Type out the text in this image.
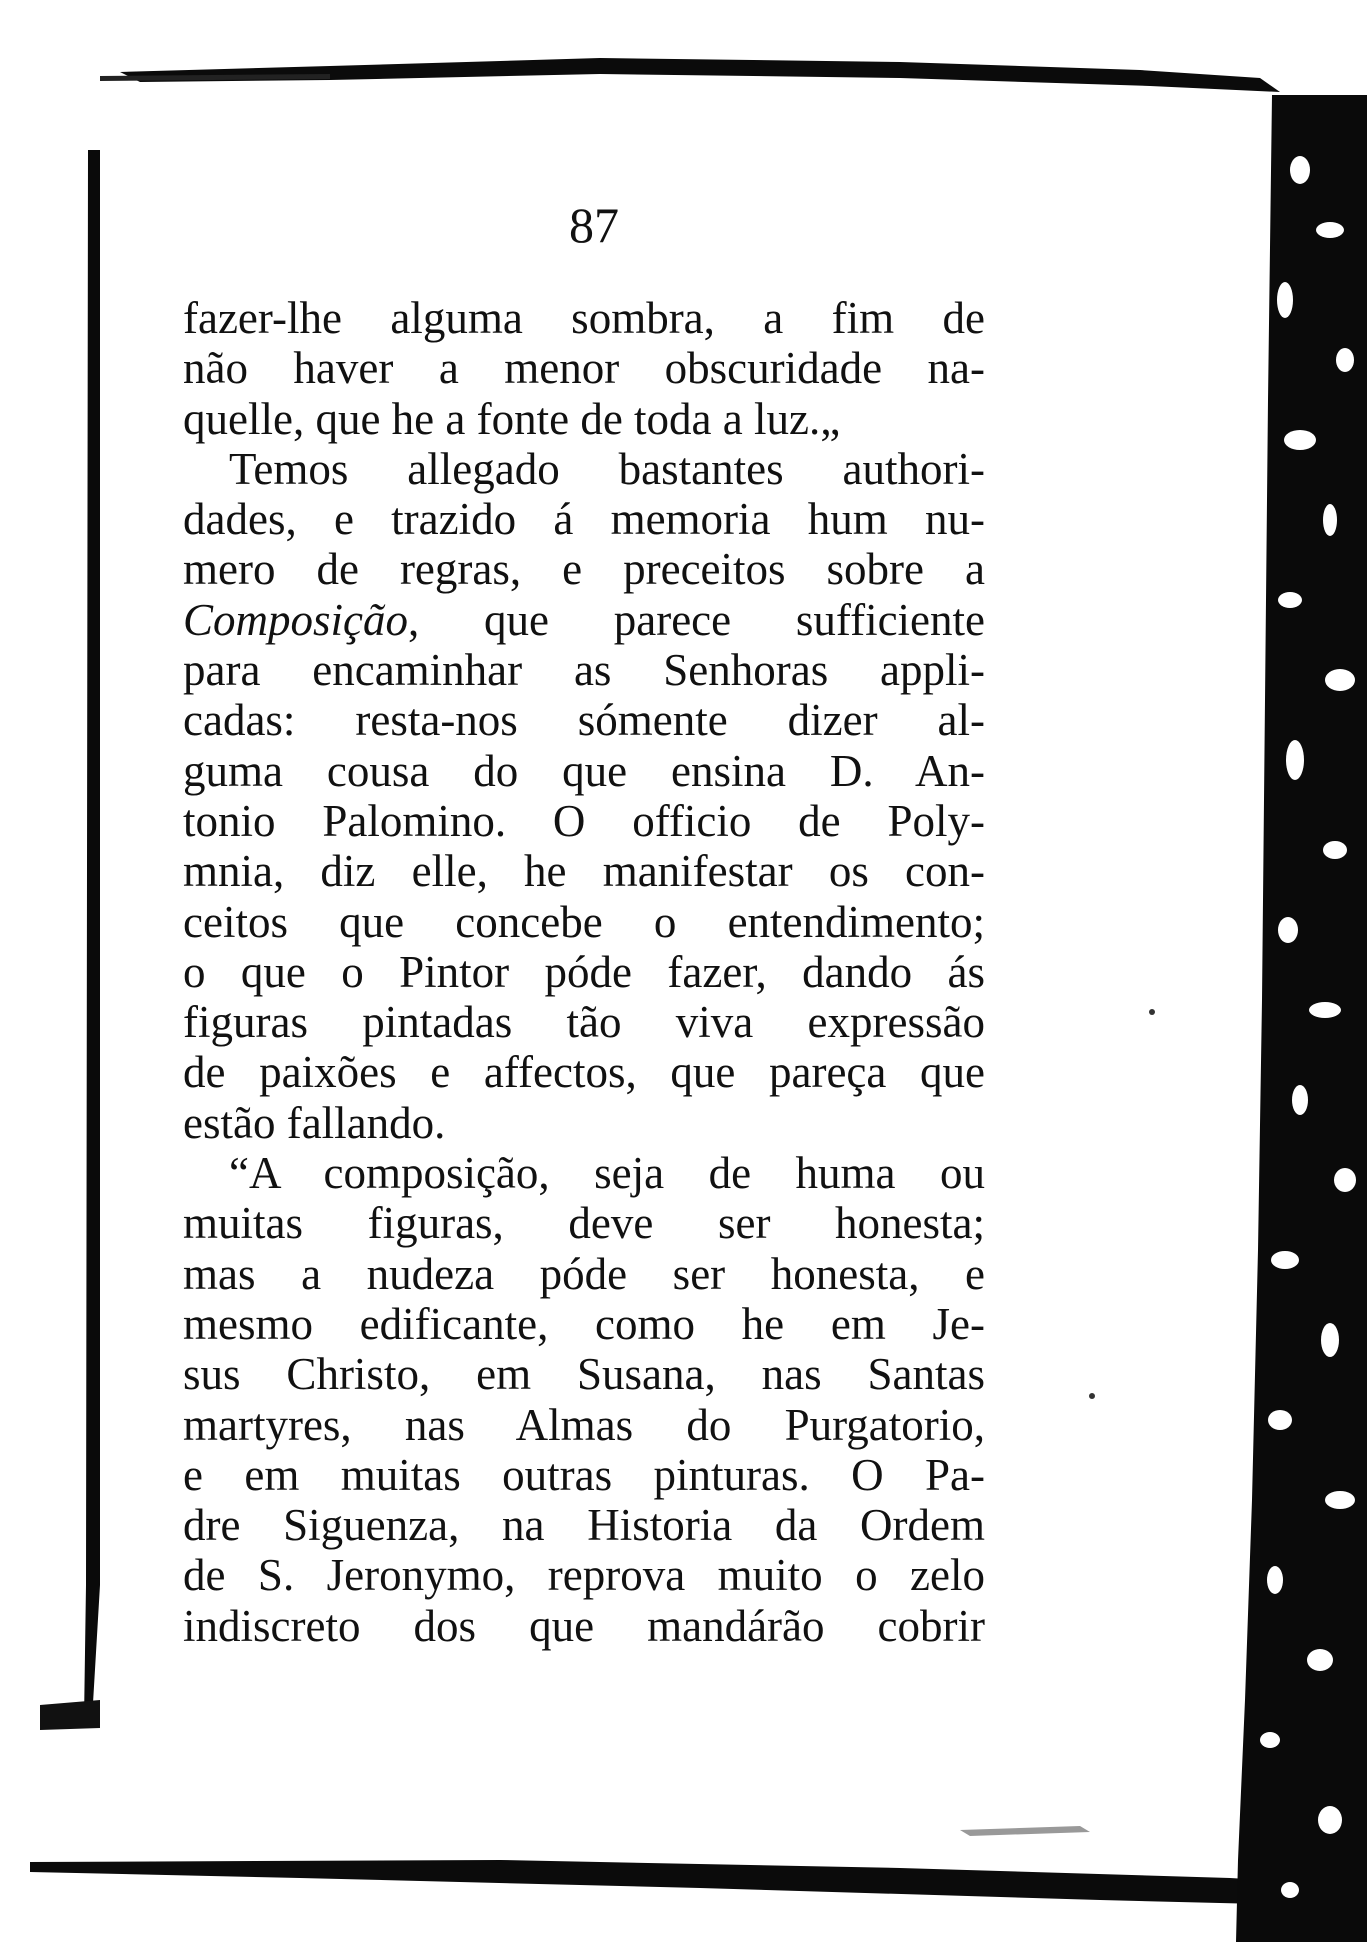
87
fazer-lhe alguma sombra, a fim de
não haver a menor obscuridade na-
quelle, que he a fonte de toda a luz.„
Temos allegado bastantes authori-
dades, e trazido á memoria hum nu-
mero de regras, e preceitos sobre a
Composição, que parece sufficiente
para encaminhar as Senhoras appli-
cadas: resta-nos sómente dizer al-
guma cousa do que ensina D. An-
tonio Palomino. O officio de Poly-
mnia, diz elle, he manifestar os con-
ceitos que concebe o entendimento;
o que o Pintor póde fazer, dando ás
figuras pintadas tão viva expressão
de paixões e affectos, que pareça que
estão fallando.
“A composição, seja de huma ou
muitas figuras, deve ser honesta;
mas a nudeza póde ser honesta, e
mesmo edificante, como he em Je-
sus Christo, em Susana, nas Santas
martyres, nas Almas do Purgatorio,
e em muitas outras pinturas. O Pa-
dre Siguenza, na Historia da Ordem
de S. Jeronymo, reprova muito o zelo
indiscreto dos que mandárão cobrir
